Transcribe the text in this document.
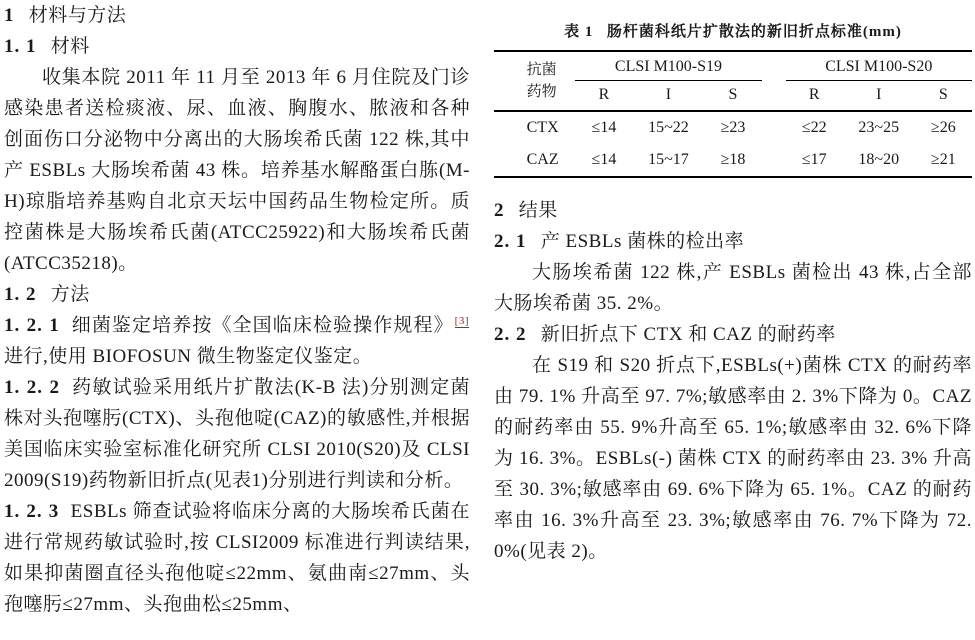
1 材料与方法

1. 1 材料

收集本院 2011 年 11 月至 2013 年 6 月住院及门诊感染患者送检痰液、尿、血液、胸腹水、脓液和各种创面伤口分泌物中分离出的大肠埃希氏菌 122 株,其中产 ESBLs 大肠埃希菌 43 株。培养基水解酪蛋白胨(M-H)琼脂培养基购自北京天坛中国药品生物检定所。质控菌株是大肠埃希氏菌(ATCC25922)和大肠埃希氏菌(ATCC35218)。

1. 2 方法

1. 2. 1 细菌鉴定培养按《全国临床检验操作规程》[3]进行,使用 BIOFOSUN 微生物鉴定仪鉴定。

1. 2. 2 药敏试验采用纸片扩散法(K-B 法)分别测定菌株对头孢噻肟(CTX)、头孢他啶(CAZ)的敏感性,并根据美国临床实验室标准化研究所 CLSI 2010(S20)及 CLSI 2009(S19)药物新旧折点(见表1)分别进行判读和分析。

1. 2. 3 ESBLs 筛查试验将临床分离的大肠埃希氏菌在进行常规药敏试验时,按 CLSI2009 标准进行判读结果,如果抑菌圈直径头孢他啶≤22mm、氨曲南≤27mm、头孢噻肟≤27mm、头孢曲松≤25mm、

表 1 肠杆菌科纸片扩散法的新旧折点标准(mm)
抗菌
药物	CLSI M100-S19				CLSI M100-S20		
	R	I	S		R	I	S
CTX	≤14	15~22	≥23		≤22	23~25	≥26
CAZ	≤14	15~17	≥18		≤17	18~20	≥21

2 结果

2. 1 产 ESBLs 菌株的检出率

大肠埃希菌 122 株,产 ESBLs 菌检出 43 株,占全部大肠埃希菌 35. 2%。

2. 2 新旧折点下 CTX 和 CAZ 的耐药率

在 S19 和 S20 折点下,ESBLs(+)菌株 CTX 的耐药率由 79. 1% 升高至 97. 7%;敏感率由 2. 3%下降为 0。CAZ 的耐药率由 55. 9%升高至 65. 1%;敏感率由 32. 6%下降为 16. 3%。ESBLs(-) 菌株 CTX 的耐药率由 23. 3% 升高至 30. 3%;敏感率由 69. 6%下降为 65. 1%。CAZ 的耐药率由 16. 3%升高至 23. 3%;敏感率由 76. 7%下降为 72. 0%(见表 2)。
